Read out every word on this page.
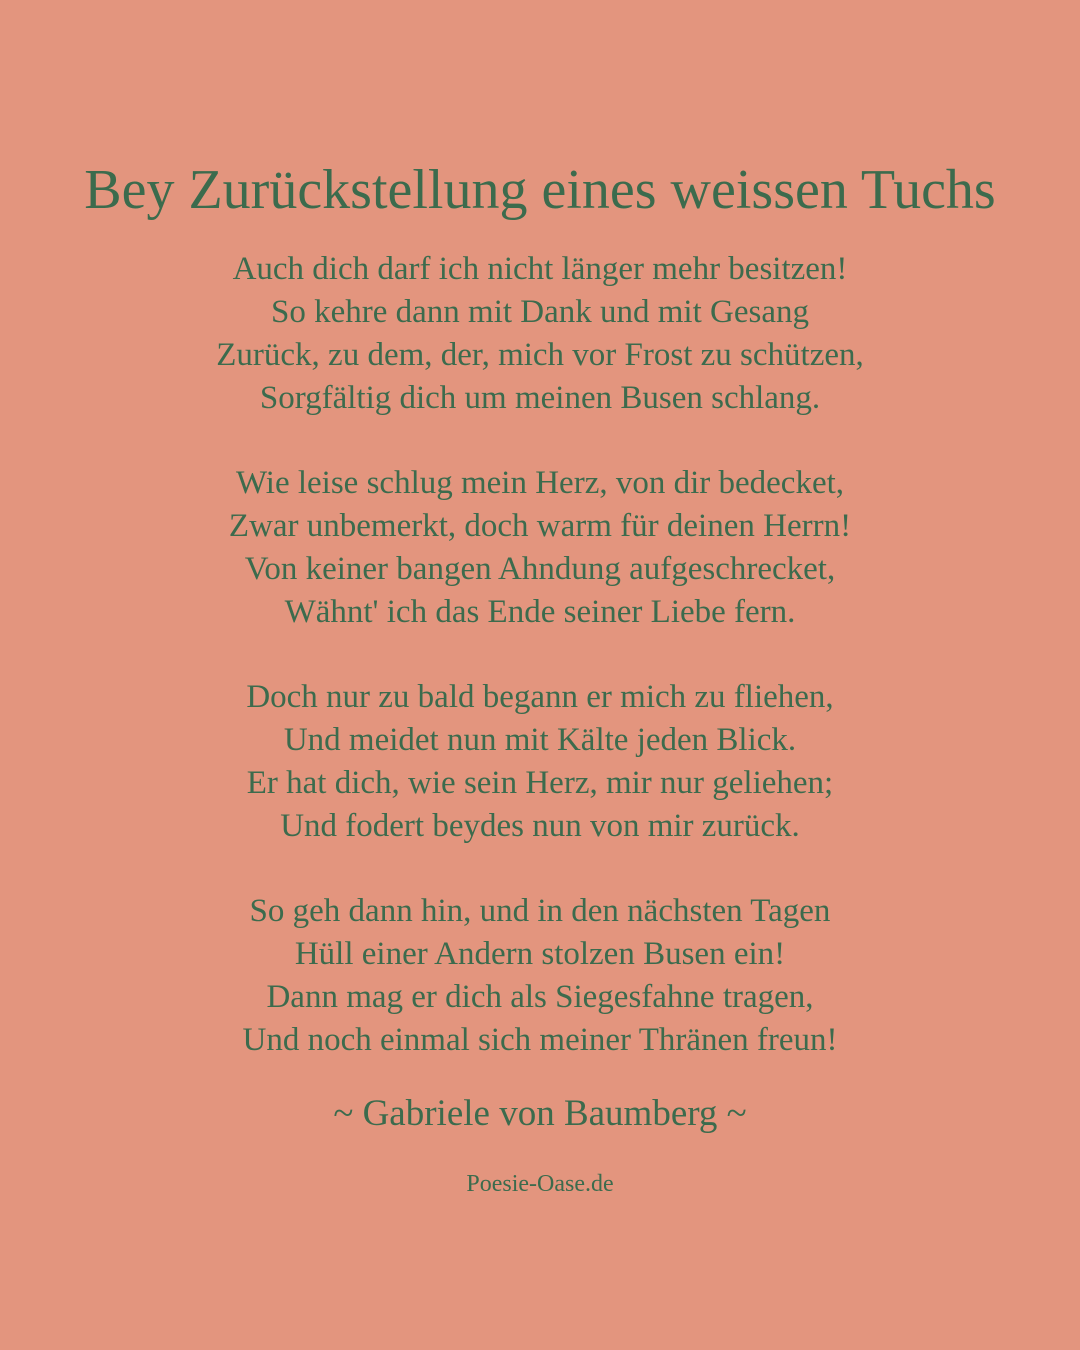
Bey Zurückstellung eines weissen Tuchs
Auch dich darf ich nicht länger mehr besitzen!
So kehre dann mit Dank und mit Gesang
Zurück, zu dem, der, mich vor Frost zu schützen,
Sorgfältig dich um meinen Busen schlang.
Wie leise schlug mein Herz, von dir bedecket,
Zwar unbemerkt, doch warm für deinen Herrn!
Von keiner bangen Ahndung aufgeschrecket,
Wähnt' ich das Ende seiner Liebe fern.
Doch nur zu bald begann er mich zu fliehen,
Und meidet nun mit Kälte jeden Blick.
Er hat dich, wie sein Herz, mir nur geliehen;
Und fodert beydes nun von mir zurück.
So geh dann hin, und in den nächsten Tagen
Hüll einer Andern stolzen Busen ein!
Dann mag er dich als Siegesfahne tragen,
Und noch einmal sich meiner Thränen freun!
~ Gabriele von Baumberg ~
Poesie-Oase.de
